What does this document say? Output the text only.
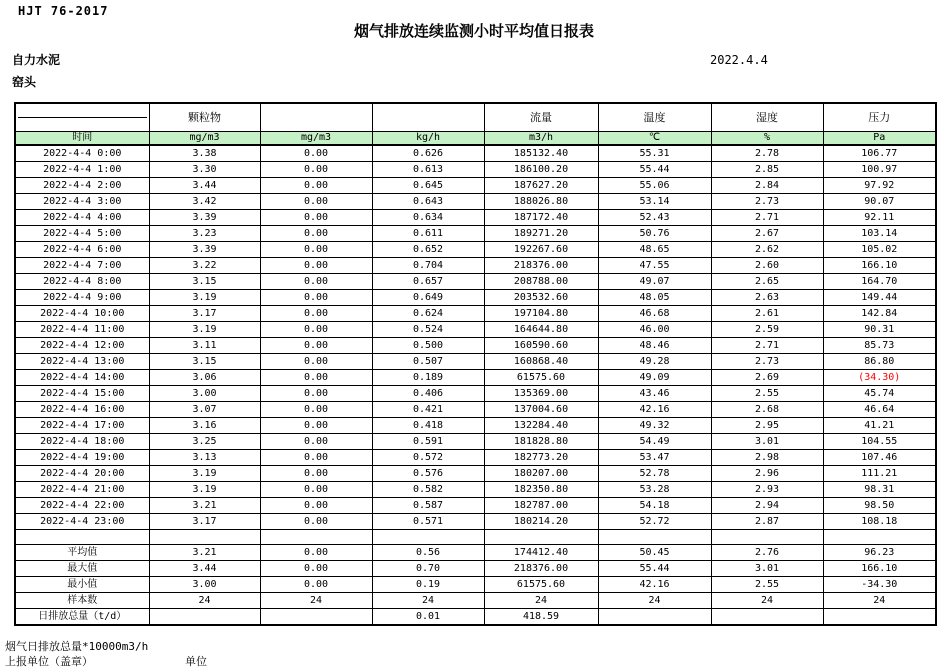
HJT 76-2017
烟气排放连续监测小时平均值日报表
自力水泥	2022.4.4
窑头
	颗粒物			流量	温度	湿度	压力
时间	mg/m3	mg/m3	kg/h	m3/h	℃	%	Pa
2022-4-4 0:00	3.38	0.00	0.626	185132.40	55.31	2.78	106.77
2022-4-4 1:00	3.30	0.00	0.613	186100.20	55.44	2.85	100.97
2022-4-4 2:00	3.44	0.00	0.645	187627.20	55.06	2.84	97.92
2022-4-4 3:00	3.42	0.00	0.643	188026.80	53.14	2.73	90.07
2022-4-4 4:00	3.39	0.00	0.634	187172.40	52.43	2.71	92.11
2022-4-4 5:00	3.23	0.00	0.611	189271.20	50.76	2.67	103.14
2022-4-4 6:00	3.39	0.00	0.652	192267.60	48.65	2.62	105.02
2022-4-4 7:00	3.22	0.00	0.704	218376.00	47.55	2.60	166.10
2022-4-4 8:00	3.15	0.00	0.657	208788.00	49.07	2.65	164.70
2022-4-4 9:00	3.19	0.00	0.649	203532.60	48.05	2.63	149.44
2022-4-4 10:00	3.17	0.00	0.624	197104.80	46.68	2.61	142.84
2022-4-4 11:00	3.19	0.00	0.524	164644.80	46.00	2.59	90.31
2022-4-4 12:00	3.11	0.00	0.500	160590.60	48.46	2.71	85.73
2022-4-4 13:00	3.15	0.00	0.507	160868.40	49.28	2.73	86.80
2022-4-4 14:00	3.06	0.00	0.189	61575.60	49.09	2.69	(34.30)
2022-4-4 15:00	3.00	0.00	0.406	135369.00	43.46	2.55	45.74
2022-4-4 16:00	3.07	0.00	0.421	137004.60	42.16	2.68	46.64
2022-4-4 17:00	3.16	0.00	0.418	132284.40	49.32	2.95	41.21
2022-4-4 18:00	3.25	0.00	0.591	181828.80	54.49	3.01	104.55
2022-4-4 19:00	3.13	0.00	0.572	182773.20	53.47	2.98	107.46
2022-4-4 20:00	3.19	0.00	0.576	180207.00	52.78	2.96	111.21
2022-4-4 21:00	3.19	0.00	0.582	182350.80	53.28	2.93	98.31
2022-4-4 22:00	3.21	0.00	0.587	182787.00	54.18	2.94	98.50
2022-4-4 23:00	3.17	0.00	0.571	180214.20	52.72	2.87	108.18

平均值	3.21	0.00	0.56	174412.40	50.45	2.76	96.23
最大值	3.44	0.00	0.70	218376.00	55.44	3.01	166.10
最小值	3.00	0.00	0.19	61575.60	42.16	2.55	-34.30
样本数	24	24	24	24	24	24	24
日排放总量（t/d）			0.01	418.59			
烟气日排放总量*10000m3/h
上报单位（盖章）	单位
